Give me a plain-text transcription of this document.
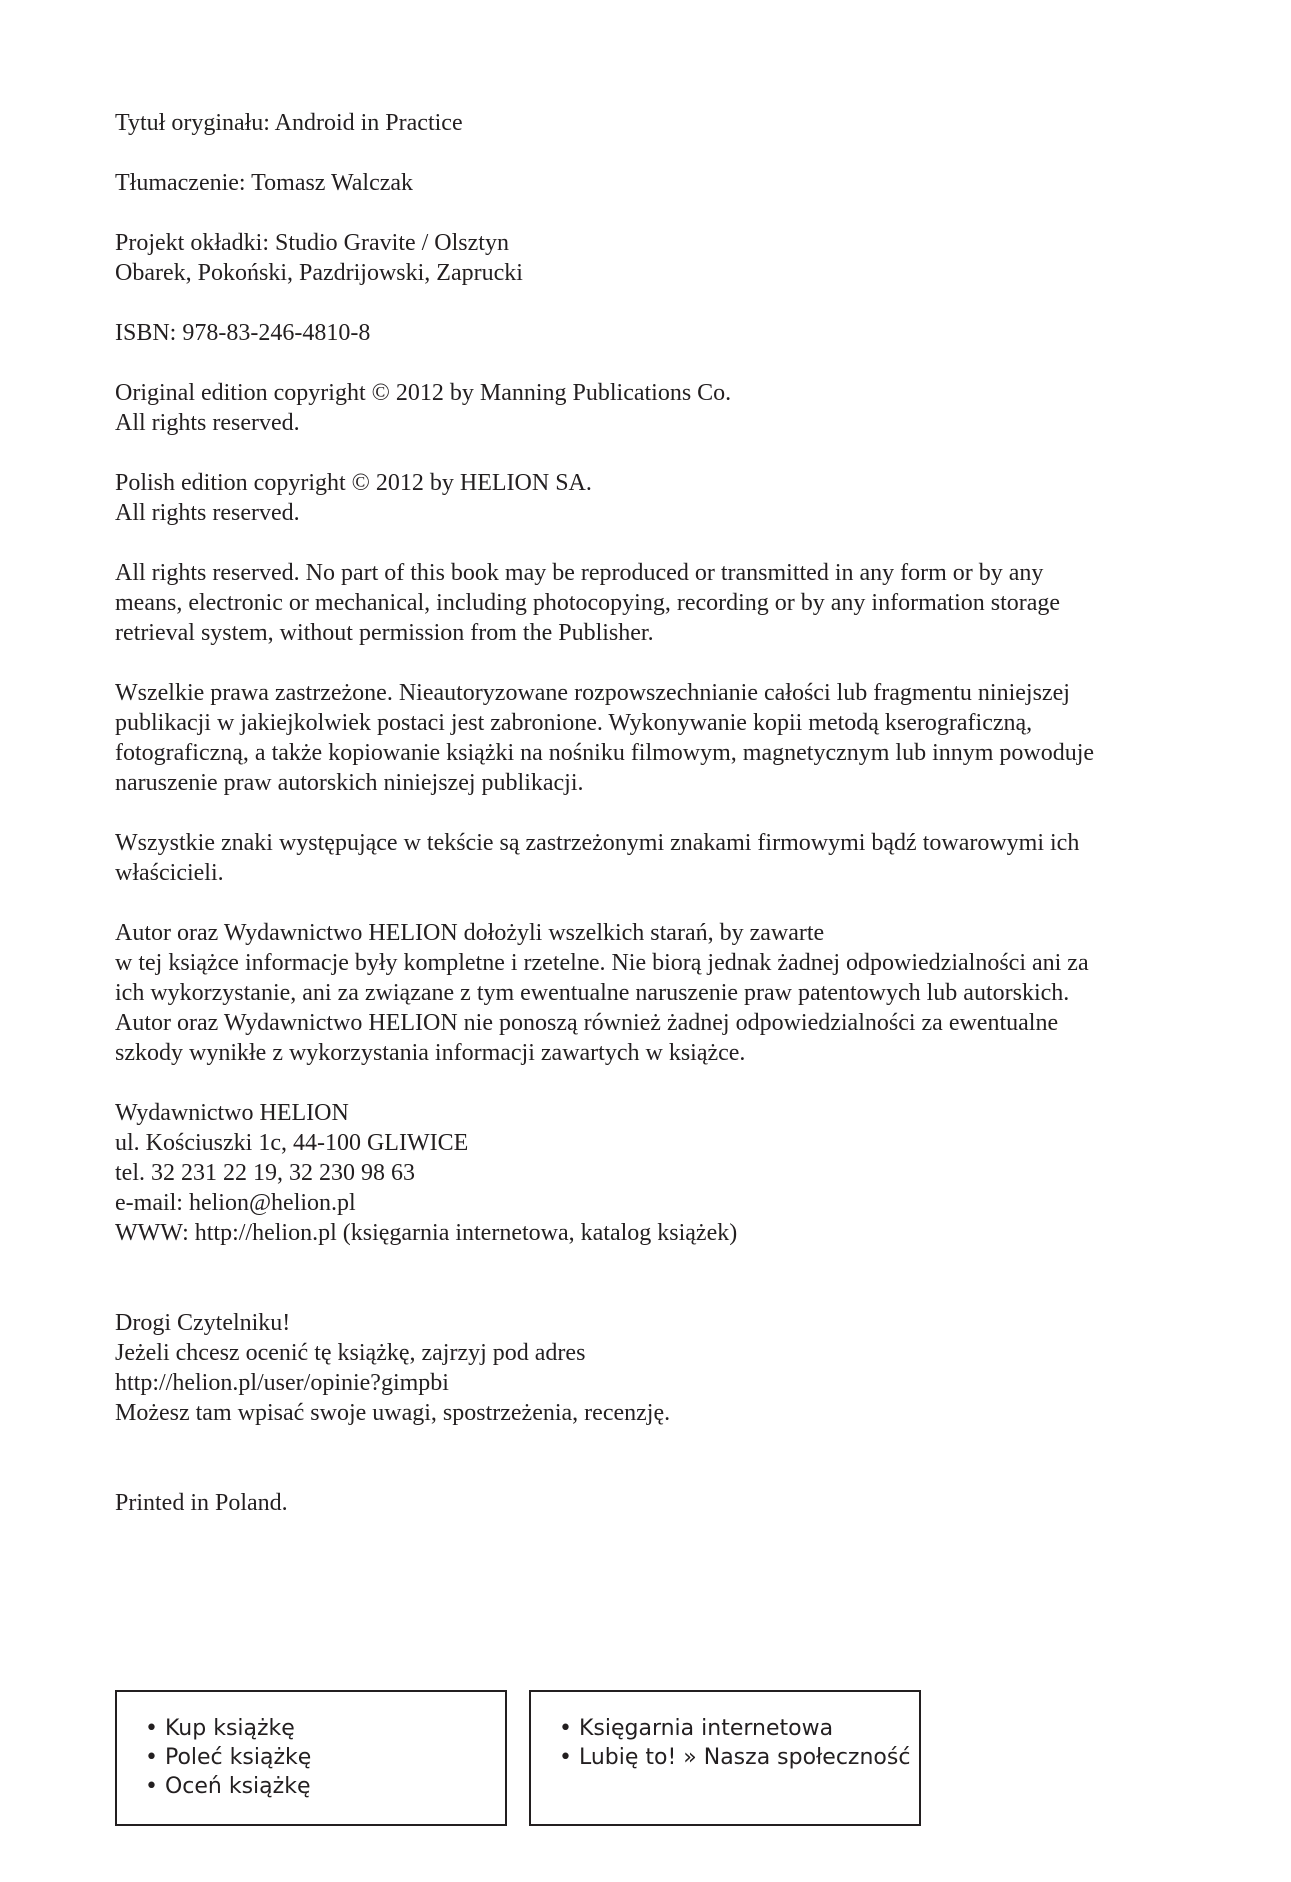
Tytuł oryginału: Android in Practice

Tłumaczenie: Tomasz Walczak

Projekt okładki: Studio Gravite / Olsztyn

Obarek, Pokoński, Pazdrijowski, Zaprucki

ISBN: 978-83-246-4810-8

Original edition copyright © 2012 by Manning Publications Co.

All rights reserved.

Polish edition copyright © 2012 by HELION SA.

All rights reserved.

All rights reserved. No part of this book may be reproduced or transmitted in any form or by any

means, electronic or mechanical, including photocopying, recording or by any information storage

retrieval system, without permission from the Publisher.

Wszelkie prawa zastrzeżone. Nieautoryzowane rozpowszechnianie całości lub fragmentu niniejszej

publikacji w jakiejkolwiek postaci jest zabronione. Wykonywanie kopii metodą kserograficzną,

fotograficzną, a także kopiowanie książki na nośniku filmowym, magnetycznym lub innym powoduje

naruszenie praw autorskich niniejszej publikacji.

Wszystkie znaki występujące w tekście są zastrzeżonymi znakami firmowymi bądź towarowymi ich

właścicieli.

Autor oraz Wydawnictwo HELION dołożyli wszelkich starań, by zawarte

w tej książce informacje były kompletne i rzetelne. Nie biorą jednak żadnej odpowiedzialności ani za

ich wykorzystanie, ani za związane z tym ewentualne naruszenie praw patentowych lub autorskich.

Autor oraz Wydawnictwo HELION nie ponoszą również żadnej odpowiedzialności za ewentualne

szkody wynikłe z wykorzystania informacji zawartych w książce.

Wydawnictwo HELION

ul. Kościuszki 1c, 44-100 GLIWICE

tel. 32 231 22 19, 32 230 98 63

e-mail: helion@helion.pl

WWW: http://helion.pl (księgarnia internetowa, katalog książek)

Drogi Czytelniku!

Jeżeli chcesz ocenić tę książkę, zajrzyj pod adres

http://helion.pl/user/opinie?gimpbi

Możesz tam wpisać swoje uwagi, spostrzeżenia, recenzję.

Printed in Poland.

• Kup książkę
• Poleć książkę
• Oceń książkę
• Księgarnia internetowa
• Lubię to! » Nasza społeczność
